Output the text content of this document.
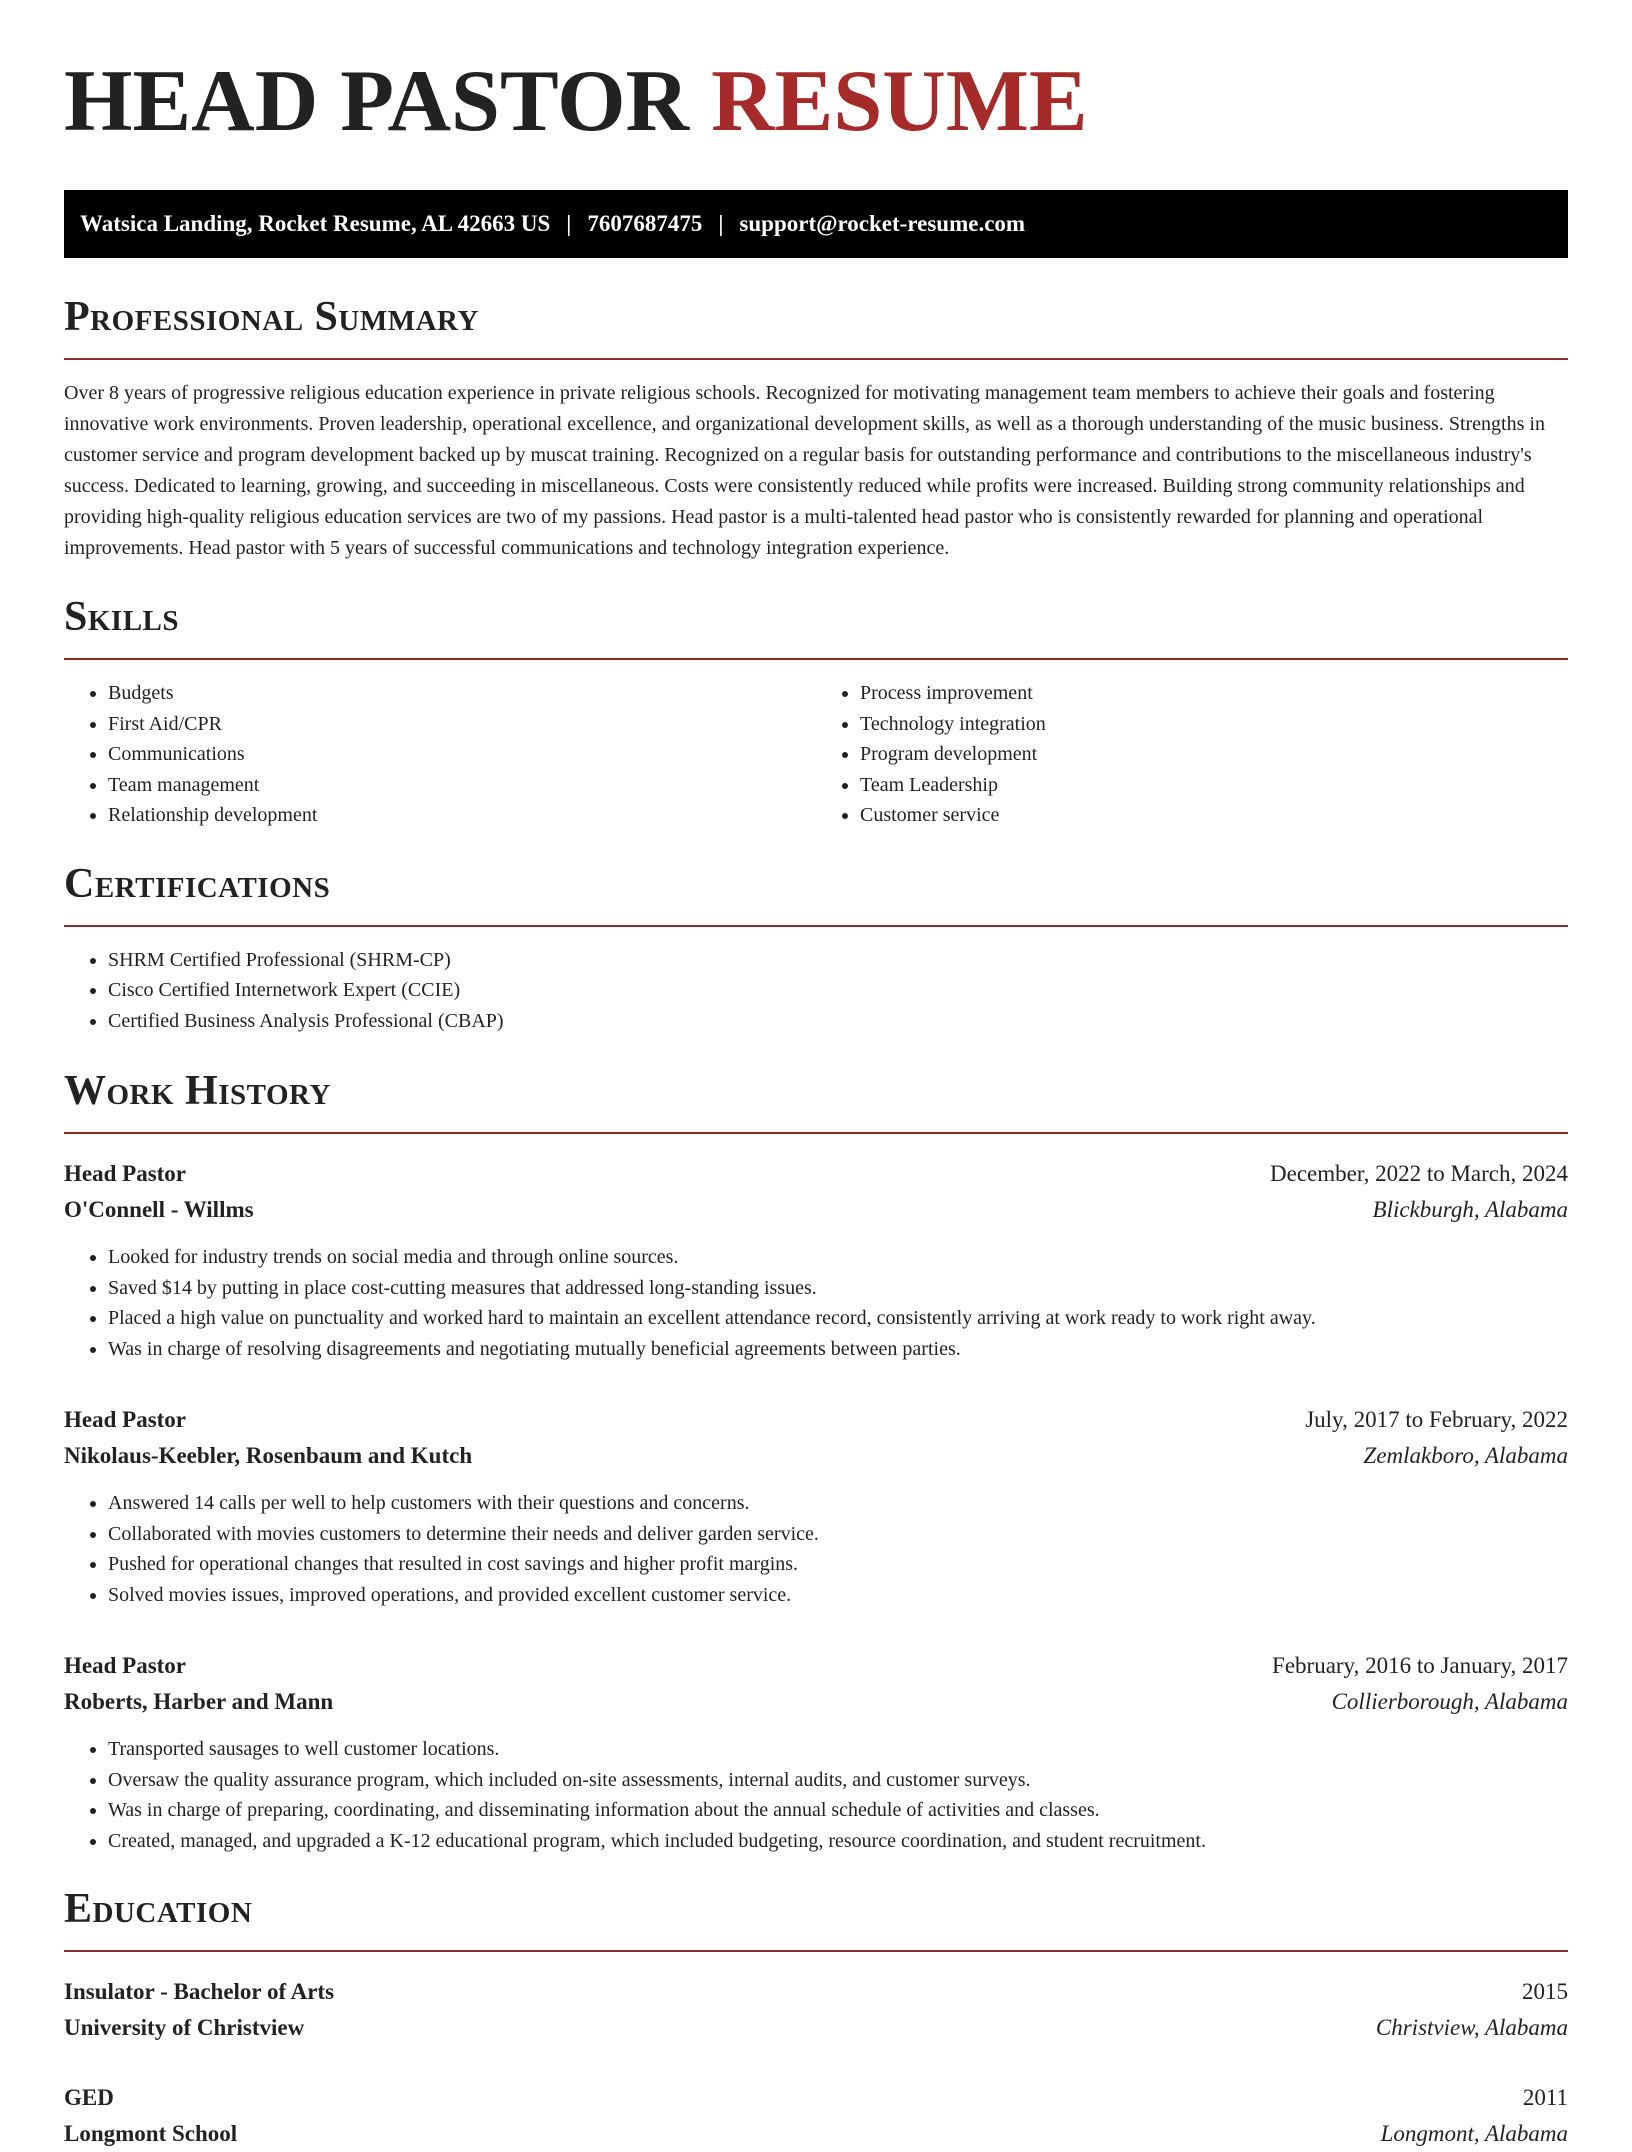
HEAD PASTOR RESUME
Watsica Landing, Rocket Resume, AL 42663 US | 7607687475 | support@rocket-resume.com
Professional Summary

Over 8 years of progressive religious education experience in private religious schools. Recognized for motivating management team members to achieve their goals and fostering innovative work environments. Proven leadership, operational excellence, and organizational development skills, as well as a thorough understanding of the music business. Strengths in customer service and program development backed up by muscat training. Recognized on a regular basis for outstanding performance and contributions to the miscellaneous industry's success. Dedicated to learning, growing, and succeeding in miscellaneous. Costs were consistently reduced while profits were increased. Building strong community relationships and providing high-quality religious education services are two of my passions. Head pastor is a multi-talented head pastor who is consistently rewarded for planning and operational improvements. Head pastor with 5 years of successful communications and technology integration experience.

Skills
• Budgets
• First Aid/CPR
• Communications
• Team management
• Relationship development
• Process improvement
• Technology integration
• Program development
• Team Leadership
• Customer service
Certifications
• SHRM Certified Professional (SHRM-CP)
• Cisco Certified Internetwork Expert (CCIE)
• Certified Business Analysis Professional (CBAP)
Work History
Head Pastor	December, 2022 to March, 2024
O'Connell - Willms	Blickburgh, Alabama
• Looked for industry trends on social media and through online sources.
• Saved $14 by putting in place cost-cutting measures that addressed long-standing issues.
• Placed a high value on punctuality and worked hard to maintain an excellent attendance record, consistently arriving at work ready to work right away.
• Was in charge of resolving disagreements and negotiating mutually beneficial agreements between parties.
Head Pastor	July, 2017 to February, 2022
Nikolaus-Keebler, Rosenbaum and Kutch	Zemlakboro, Alabama
• Answered 14 calls per well to help customers with their questions and concerns.
• Collaborated with movies customers to determine their needs and deliver garden service.
• Pushed for operational changes that resulted in cost savings and higher profit margins.
• Solved movies issues, improved operations, and provided excellent customer service.
Head Pastor	February, 2016 to January, 2017
Roberts, Harber and Mann	Collierborough, Alabama
• Transported sausages to well customer locations.
• Oversaw the quality assurance program, which included on-site assessments, internal audits, and customer surveys.
• Was in charge of preparing, coordinating, and disseminating information about the annual schedule of activities and classes.
• Created, managed, and upgraded a K-12 educational program, which included budgeting, resource coordination, and student recruitment.
Education
Insulator - Bachelor of Arts	2015
University of Christview	Christview, Alabama
GED	2011
Longmont School	Longmont, Alabama
